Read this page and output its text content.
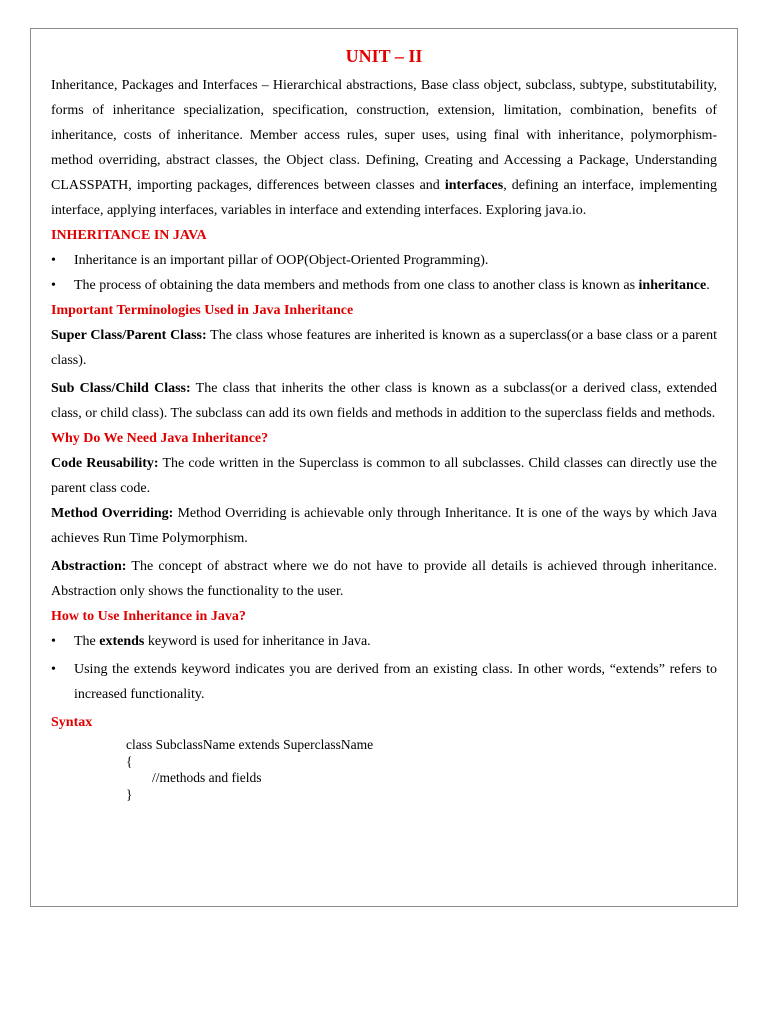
UNIT – II

Inheritance, Packages and Interfaces – Hierarchical abstractions, Base class object, subclass, subtype, substitutability, forms of inheritance specialization, specification, construction, extension, limitation, combination, benefits of inheritance, costs of inheritance. Member access rules, super uses, using final with inheritance, polymorphism- method overriding, abstract classes, the Object class. Defining, Creating and Accessing a Package, Understanding CLASSPATH, importing packages, differences between classes and interfaces, defining an interface, implementing interface, applying interfaces, variables in interface and extending interfaces. Exploring java.io.

INHERITANCE IN JAVA
• Inheritance is an important pillar of OOP(Object-Oriented Programming).
• The process of obtaining the data members and methods from one class to another class is known as inheritance.
Important Terminologies Used in Java Inheritance

Super Class/Parent Class: The class whose features are inherited is known as a superclass(or a base class or a parent class).

Sub Class/Child Class: The class that inherits the other class is known as a subclass(or a derived class, extended class, or child class). The subclass can add its own fields and methods in addition to the superclass fields and methods.

Why Do We Need Java Inheritance?

Code Reusability: The code written in the Superclass is common to all subclasses. Child classes can directly use the parent class code.

Method Overriding: Method Overriding is achievable only through Inheritance. It is one of the ways by which Java achieves Run Time Polymorphism.

Abstraction: The concept of abstract where we do not have to provide all details is achieved through inheritance. Abstraction only shows the functionality to the user.

How to Use Inheritance in Java?
• The extends keyword is used for inheritance in Java.
• Using the extends keyword indicates you are derived from an existing class. In other words, “extends” refers to increased functionality.
Syntax
class SubclassName extends SuperclassName
{
//methods and fields
}
